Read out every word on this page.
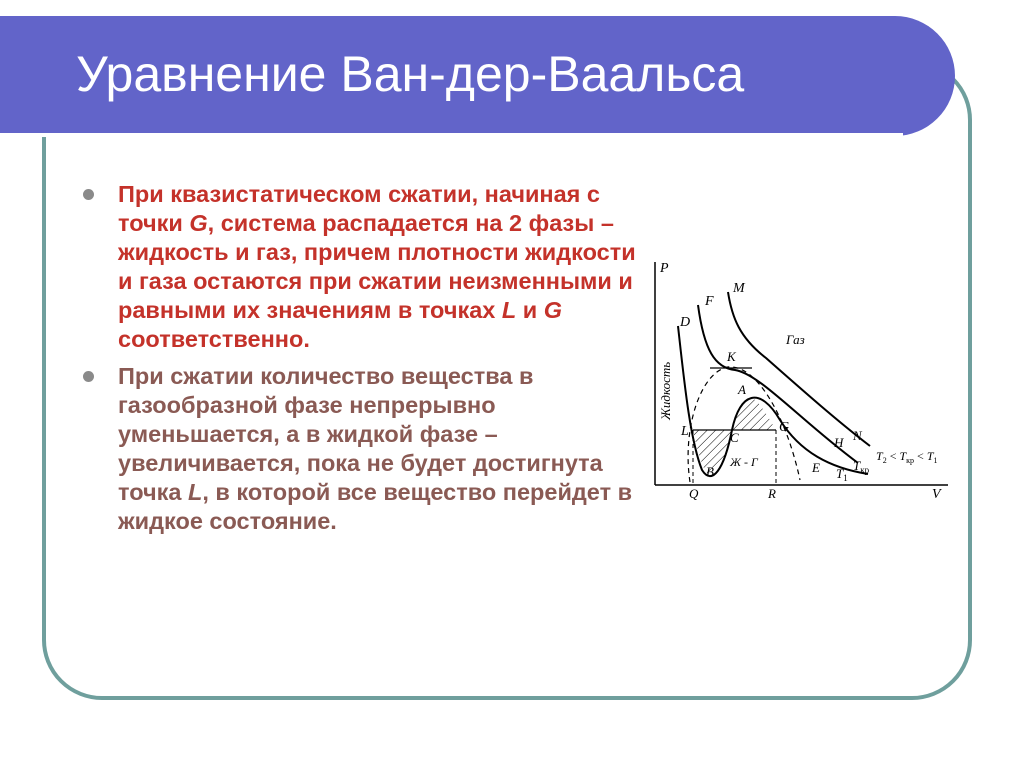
Уравнение Ван-дер-Ваальса
При квазистатическом сжатии, начиная с точки G, система распадается на 2 фазы – жидкость и газ, причем плотности жидкости и газа остаются при сжатии неизменными и равными их значениям в точках L и G соответственно.
При сжатии количество вещества в газообразной фазе непрерывно уменьшается, а в жидкой фазе – увеличивается, пока не будет достигнута точка L, в которой все вещество перейдет в жидкое состояние.
P
V
Жидкость
Газ
Ж - Г
D
F
M
K
A
L	C
G
B
H N
E
Q	R
$T_1$
$T_{кр}$
$T_2 < T_{кр} < T_1$
